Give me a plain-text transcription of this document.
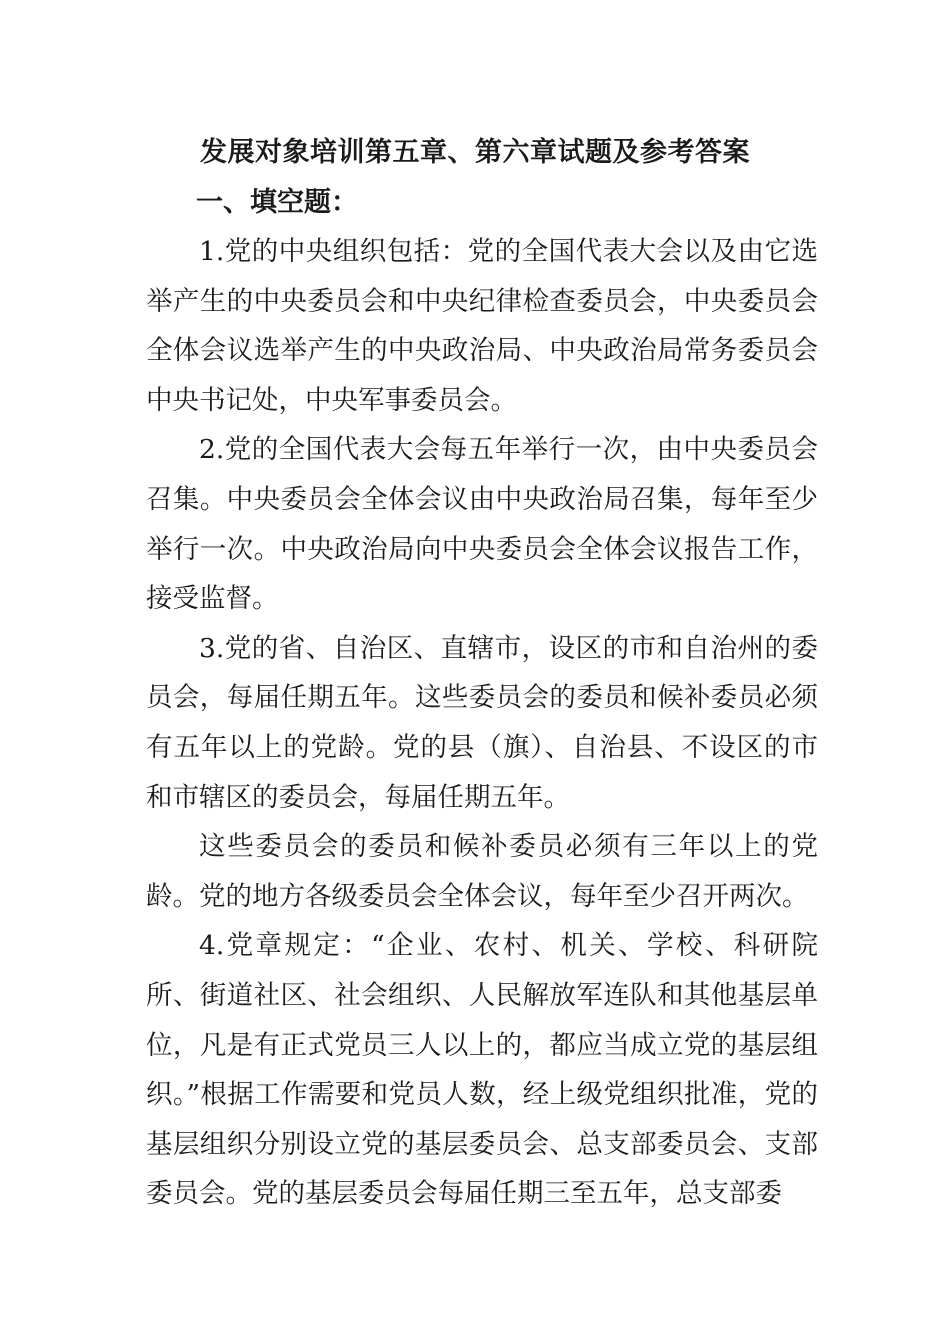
发展对象培训第五章、第六章试题及参考答案
一、填空题：

1.党的中央组织包括：党的全国代表大会以及由它选举产生的中央委员会和中央纪律检查委员会，中央委员会全体会议选举产生的中央政治局、中央政治局常务委员会中央书记处，中央军事委员会。

2.党的全国代表大会每五年举行一次，由中央委员会召集。中央委员会全体会议由中央政治局召集，每年至少举行一次。中央政治局向中央委员会全体会议报告工作，接受监督。

3.党的省、自治区、直辖市，设区的市和自治州的委员会，每届任期五年。这些委员会的委员和候补委员必须有五年以上的党龄。党的县（旗）、自治县、不设区的市和市辖区的委员会，每届任期五年。

这些委员会的委员和候补委员必须有三年以上的党龄。党的地方各级委员会全体会议，每年至少召开两次。

4.党章规定：“企业、农村、机关、学校、科研院所、街道社区、社会组织、人民解放军连队和其他基层单位，凡是有正式党员三人以上的，都应当成立党的基层组织。”根据工作需要和党员人数，经上级党组织批准，党的基层组织分别设立党的基层委员会、总支部委员会、支部委员会。党的基层委员会每届任期三至五年，总支部委
